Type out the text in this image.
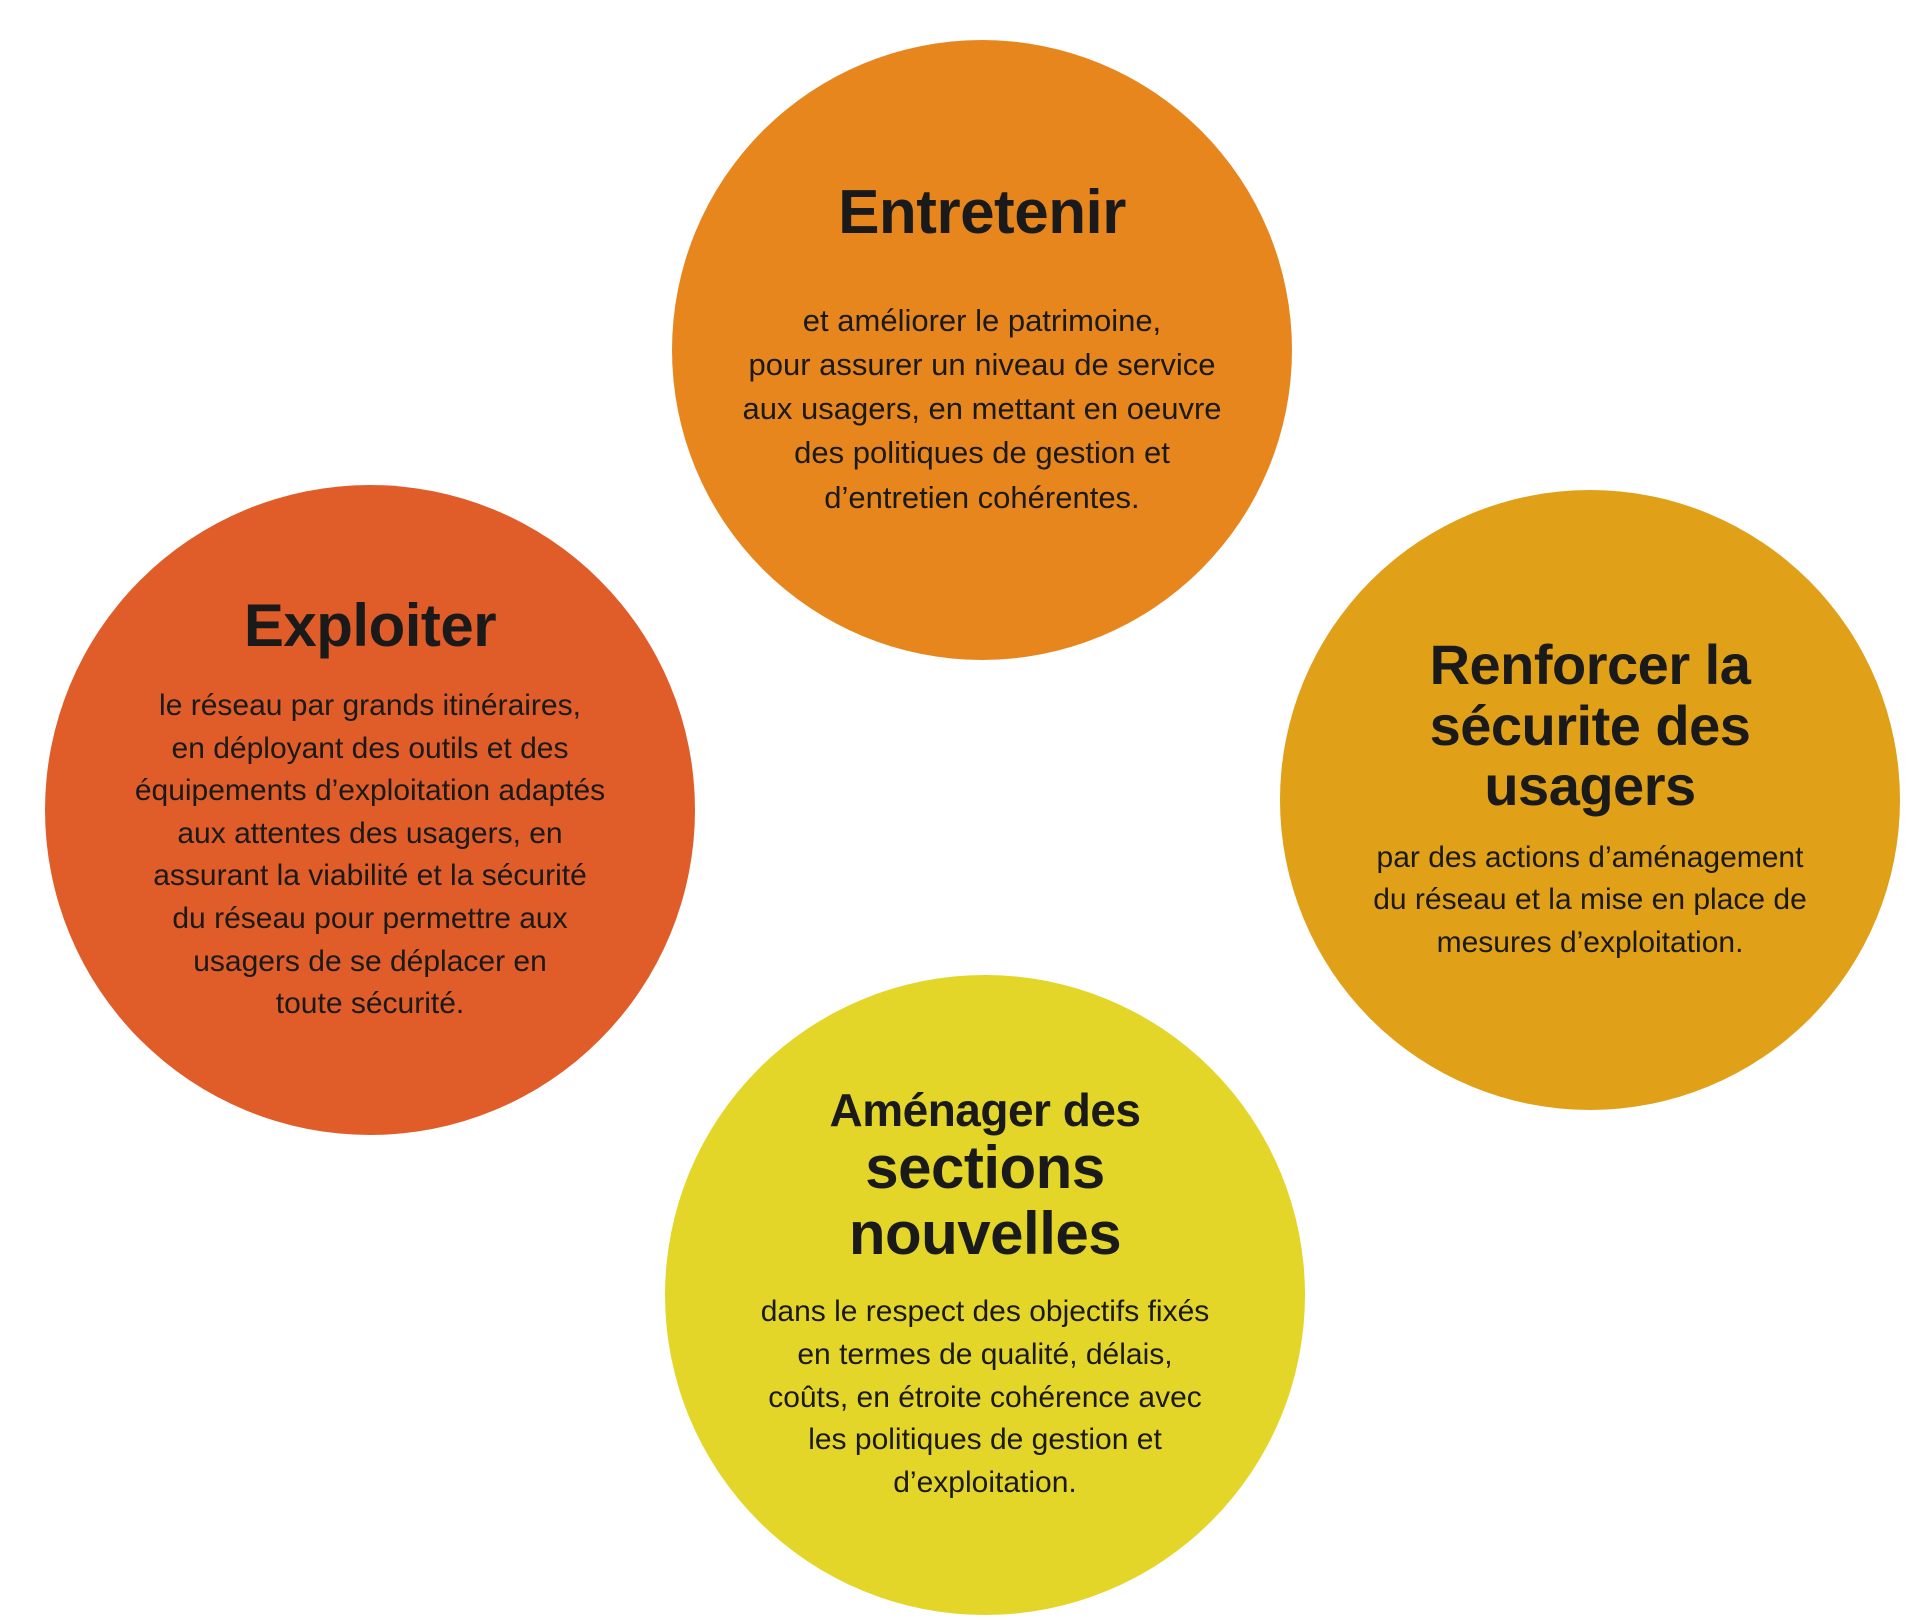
Entretenir
et améliorer le patrimoine,
pour assurer un niveau de service
aux usagers, en mettant en oeuvre
des politiques de gestion et
d’entretien cohérentes.
Exploiter
le réseau par grands itinéraires,
en déployant des outils et des
équipements d’exploitation adaptés
aux attentes des usagers, en
assurant la viabilité et la sécurité
du réseau pour permettre aux
usagers de se déplacer en
toute sécurité.
Renforcer la
sécurite des
usagers
par des actions d’aménagement
du réseau et la mise en place de
mesures d’exploitation.
Aménager des
sections
nouvelles
dans le respect des objectifs fixés
en termes de qualité, délais,
coûts, en étroite cohérence avec
les politiques de gestion et
d’exploitation.
